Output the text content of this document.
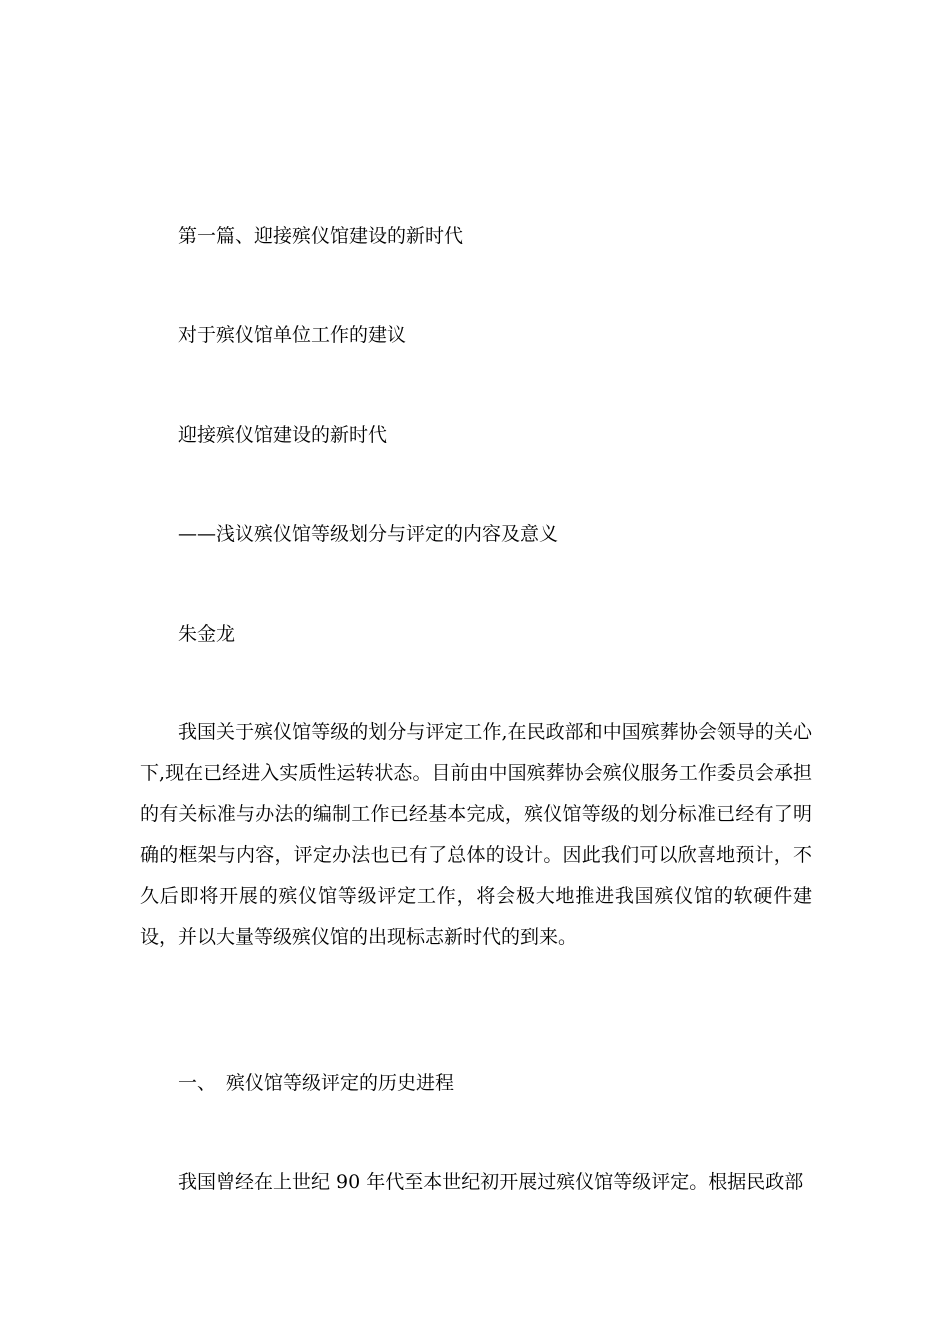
第一篇、迎接殡仪馆建设的新时代
对于殡仪馆单位工作的建议
迎接殡仪馆建设的新时代
——浅议殡仪馆等级划分与评定的内容及意义
朱金龙

我国关于殡仪馆等级的划分与评定工作,在民政部和中国殡葬协会领导的关心下,现在已经进入实质性运转状态。目前由中国殡葬协会殡仪服务工作委员会承担的有关标准与办法的编制工作已经基本完成，殡仪馆等级的划分标准已经有了明确的框架与内容，评定办法也已有了总体的设计。因此我们可以欣喜地预计，不久后即将开展的殡仪馆等级评定工作，将会极大地推进我国殡仪馆的软硬件建设，并以大量等级殡仪馆的出现标志新时代的到来。

一、 殡仪馆等级评定的历史进程
我国曾经在上世纪 90 年代至本世纪初开展过殡仪馆等级评定。根据民政部
